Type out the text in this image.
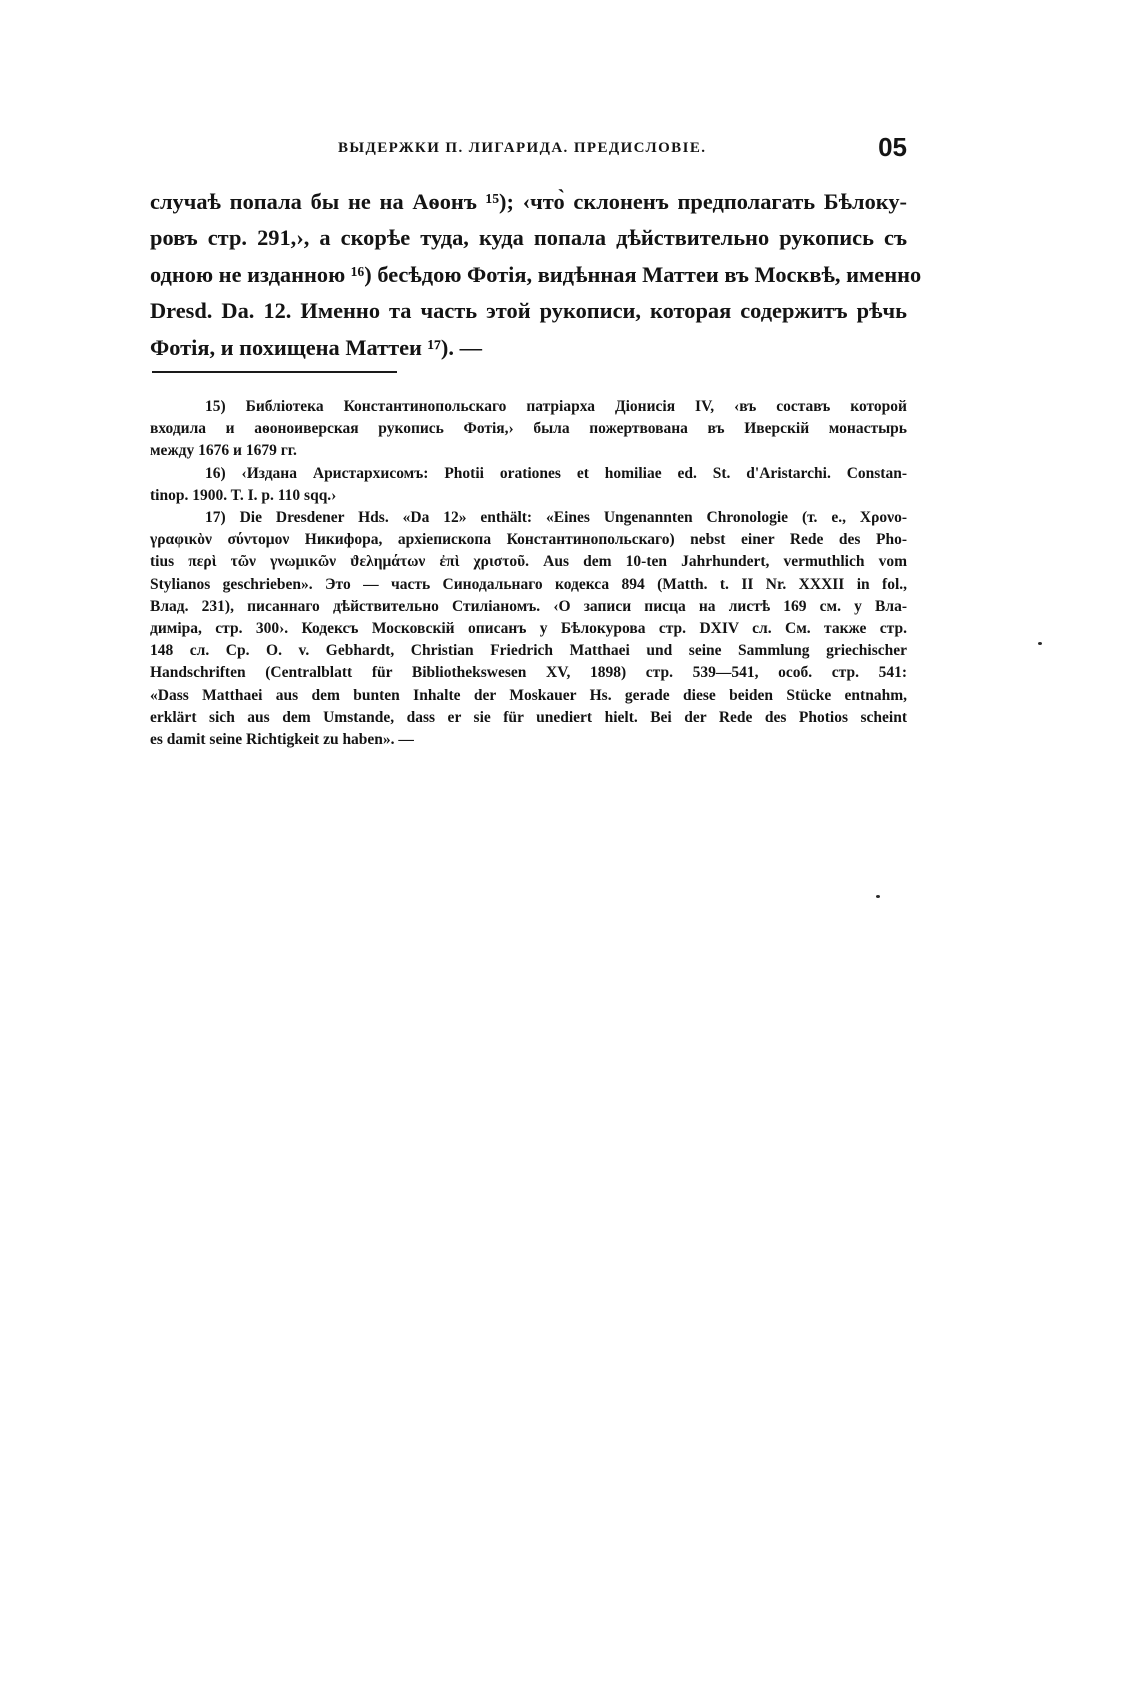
ВЫДЕРЖКИ П. ЛИГАРИДА. ПРЕДИСЛОВІЕ.	05
случаѣ попала бы не на Аѳонъ ¹⁵); ‹что̀ склоненъ предполагать Бѣлоку-
ровъ стр. 291,›, а скорѣе туда, куда попала дѣйствительно рукопись съ
одною не изданною ¹⁶) бесѣдою Фотія, видѣнная Маттеи въ Москвѣ, именно
Dresd. Da. 12. Именно та часть этой рукописи, которая содержитъ рѣчь
Фотія, и похищена Маттеи ¹⁷). —
15) Библіотека Константинопольскаго патріарха Діонисія IV, ‹въ составъ которой
входила и аѳоноиверская рукопись Фотія,› была пожертвована въ Иверскій монастырь
между 1676 и 1679 гг.
16) ‹Издана Аристархисомъ: Photii orationes et homiliae ed. St. d'Aristarchi. Constan-
tinop. 1900. T. I. p. 110 sqq.›
17) Die Dresdener Hds. «Da 12» enthält: «Eines Ungenannten Chronologie (т. е., Χρονο-
γραφικὸν σύντομον Никифора, архіепископа Константинопольскаго) nebst einer Rede des Pho-
tius περὶ τῶν γνωμικῶν ϑελημάτων ἐπὶ χριστοῦ. Aus dem 10-ten Jahrhundert, vermuthlich vom
Stylianos geschrieben». Это — часть Синодальнаго кодекса 894 (Matth. t. II Nr. XXXII in fol.,
Влад. 231), писаннаго дѣйствительно Стиліаномъ. ‹О записи писца на листѣ 169 см. у Вла-
диміра, стр. 300›. Кодексъ Московскій описанъ у Бѣлокурова стр. DXIV сл. См. также стр.
148 сл. Ср. O. v. Gebhardt, Christian Friedrich Matthaei und seine Sammlung griechischer
Handschriften (Centralblatt für Bibliothekswesen XV, 1898) стр. 539—541, особ. стр. 541:
«Dass Matthaei aus dem bunten Inhalte der Moskauer Hs. gerade diese beiden Stücke entnahm,
erklärt sich aus dem Umstande, dass er sie für unediert hielt. Bei der Rede des Photios scheint
es damit seine Richtigkeit zu haben». —
